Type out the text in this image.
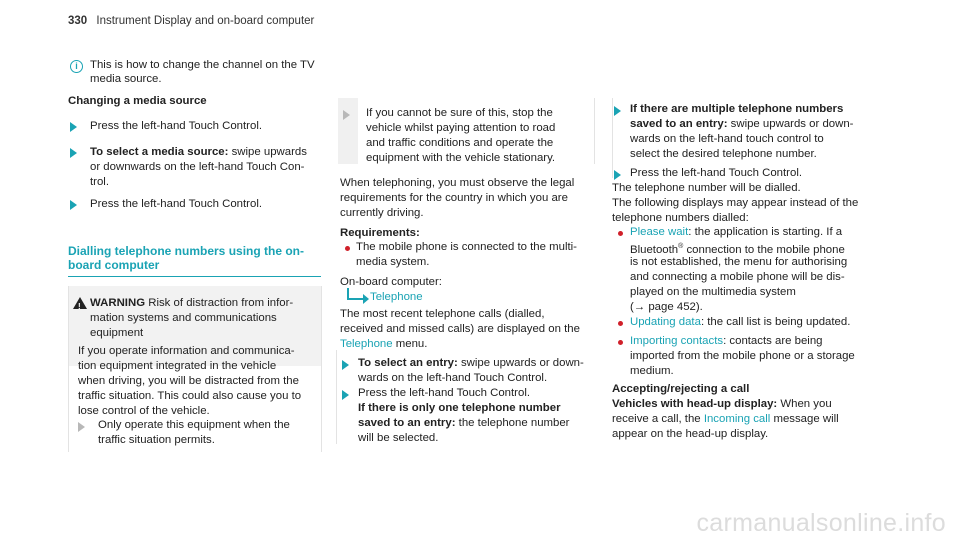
330 Instrument Display and on-board computer
i	This is how to change the channel on the TV
media source.
Changing a media source
Press the left-hand Touch Control.
To select a media source: swipe upwards
or downwards on the left-hand Touch Con-
trol.
Press the left-hand Touch Control.
Dialling telephone numbers using the on-
board computer
! WARNING Risk of distraction from infor-
mation systems and communications
equipment
If you operate information and communica-
tion equipment integrated in the vehicle
when driving, you will be distracted from the
traffic situation. This could also cause you to
lose control of the vehicle.
Only operate this equipment when the
traffic situation permits.
If you cannot be sure of this, stop the
vehicle whilst paying attention to road
and traffic conditions and operate the
equipment with the vehicle stationary.
When telephoning, you must observe the legal
requirements for the country in which you are
currently driving.
Requirements:
The mobile phone is connected to the multi-
media system.
On-board computer:
Telephone
The most recent telephone calls (dialled,
received and missed calls) are displayed on the
Telephone menu.
To select an entry: swipe upwards or down-
wards on the left-hand Touch Control.
Press the left-hand Touch Control.
If there is only one telephone number
saved to an entry: the telephone number
will be selected.
If there are multiple telephone numbers
saved to an entry: swipe upwards or down-
wards on the left-hand touch control to
select the desired telephone number.
Press the left-hand Touch Control.
The telephone number will be dialled.
The following displays may appear instead of the
telephone numbers dialled:
Please wait: the application is starting. If a
Bluetooth® connection to the mobile phone
is not established, the menu for authorising
and connecting a mobile phone will be dis-
played on the multimedia system
(→ page 452).
Updating data: the call list is being updated.
Importing contacts: contacts are being
imported from the mobile phone or a storage
medium.
Accepting/rejecting a call
Vehicles with head-up display: When you
receive a call, the Incoming call message will
appear on the head-up display.
carmanualsonline.info
